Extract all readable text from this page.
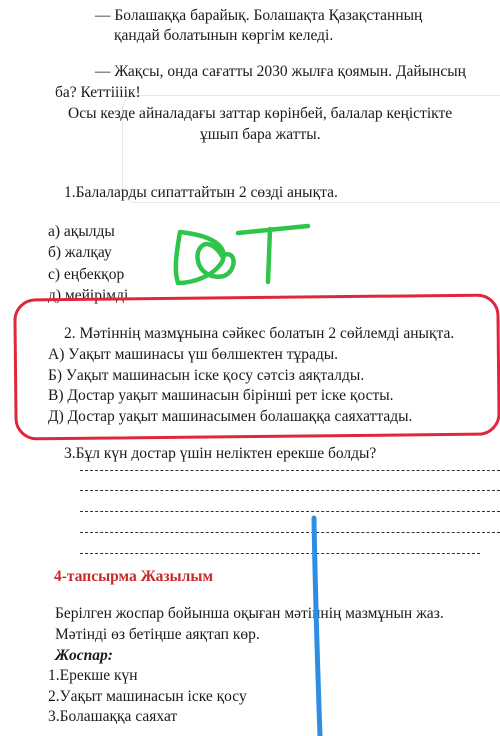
— Болашаққа барайық. Болашақта Қазақстанның
қандай болатынын көргім келеді.
— Жақсы, онда сағатты 2030 жылға қоямын. Дайынсың
ба? Кеттіііік!
Осы кезде айналадағы заттар көрінбей, балалар кеңістікте
ұшып бара жатты.
1.Балаларды сипаттайтын 2 сөзді анықта.
а) ақылды
б) жалқау
с) еңбекқор
д) мейірімді
2. Мәтіннің мазмұнына сәйкес болатын 2 сөйлемді анықта.
А) Уақыт машинасы үш бөлшектен тұрады.
Б) Уақыт машинасын іске қосу сәтсіз аяқталды.
В) Достар уақыт машинасын бірінші рет іске қосты.
Д) Достар уақыт машинасымен болашаққа саяхаттады.
3.Бұл күн достар үшін неліктен ерекше болды?
4-тапсырма Жазылым
Берілген жоспар бойынша оқыған мәтіннің мазмұнын жаз.
Мәтінді өз бетіңше аяқтап көр.
Жоспар:
1.Ерекше күн
2.Уақыт машинасын іске қосу
3.Болашаққа саяхат
